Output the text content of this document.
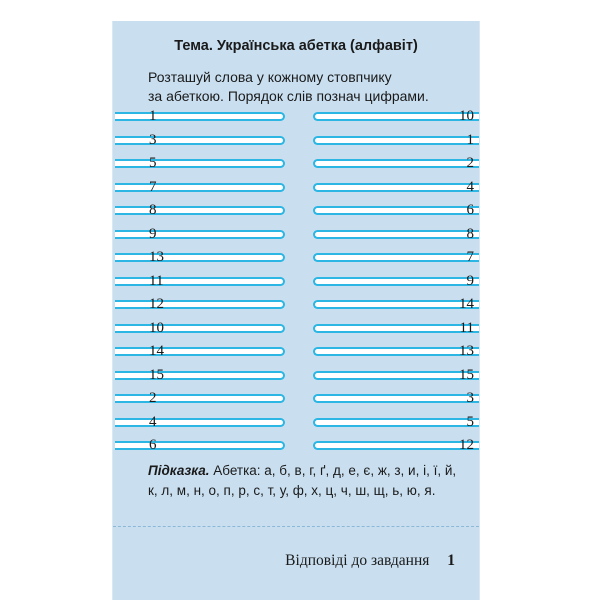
Тема. Українська абетка (алфавіт)
Розташуй слова у кожному стовпчику
за абеткою. Порядок слів познач цифрами.
1
3
5
7
8
9
13
11
12
10
14
15
2
4
6
10
1
2
4
6
8
7
9
14
11
13
15
3
5
12
Підказка. Абетка: а, б, в, г, ґ, д, е, є, ж, з, и, і, ї, й,
к, л, м, н, о, п, р, с, т, у, ф, х, ц, ч, ш, щ, ь, ю, я.
Відповіді до завдання 1
